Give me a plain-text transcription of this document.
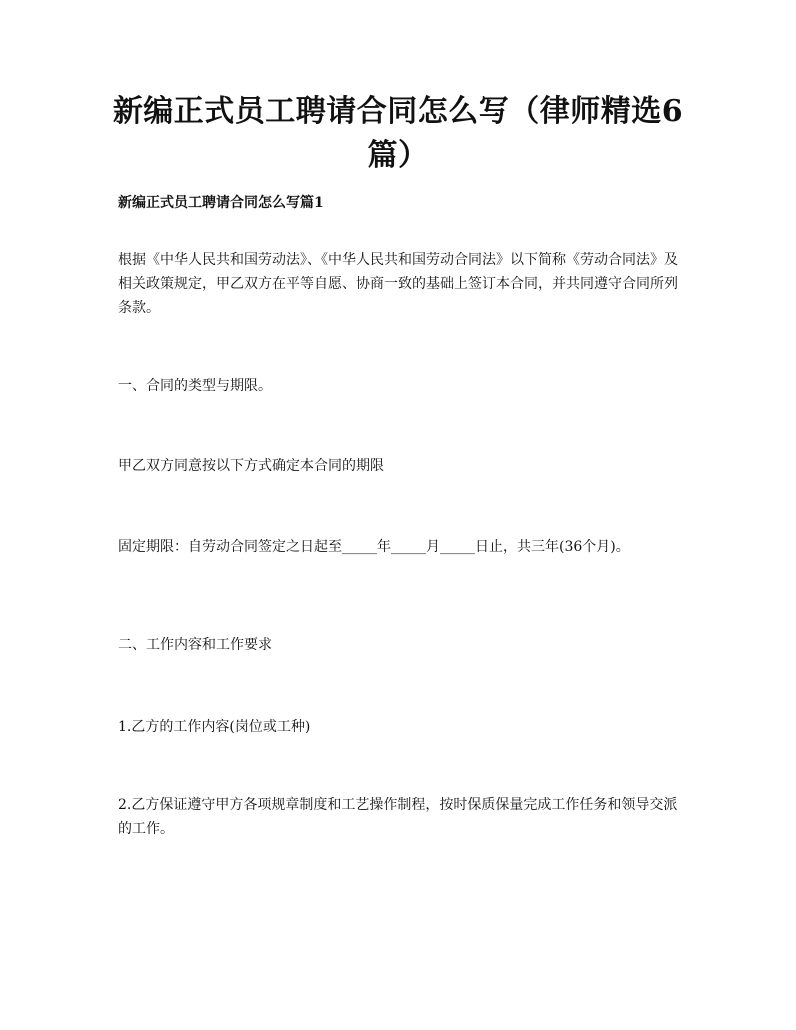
新编正式员工聘请合同怎么写（律师精选6篇）
新编正式员工聘请合同怎么写篇1

根据《中华人民共和国劳动法》、《中华人民共和国劳动合同法》以下简称《劳动合同法》及相关政策规定，甲乙双方在平等自愿、协商一致的基础上签订本合同，并共同遵守合同所列条款。

一、合同的类型与期限。

甲乙双方同意按以下方式确定本合同的期限

固定期限：自劳动合同签定之日起至_____年_____月_____日止，共三年(36个月)。

二、工作内容和工作要求

1.乙方的工作内容(岗位或工种)

2.乙方保证遵守甲方各项规章制度和工艺操作制程，按时保质保量完成工作任务和领导交派的工作。
